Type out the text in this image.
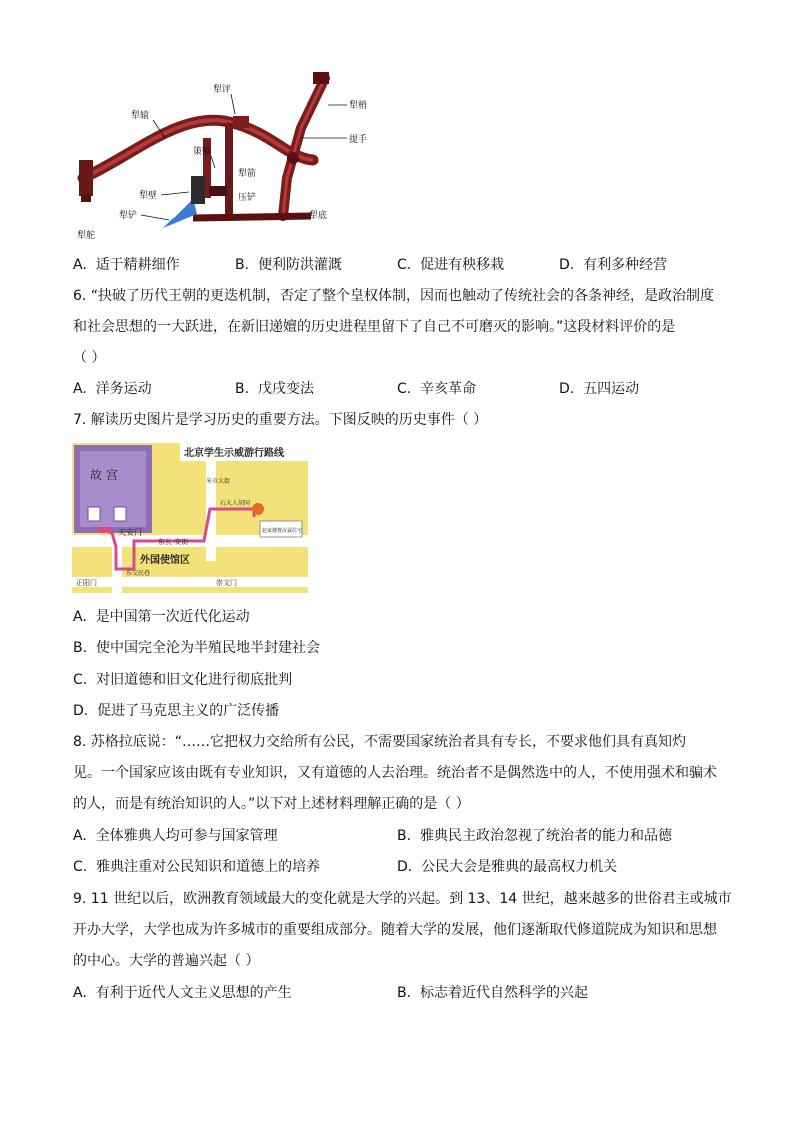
犁评
犁梢
犁辕
提手
策额
犁箭
犁壁	压铲
犁铲	犁底
犁舵
A. 适于精耕细作	B. 便利防洪灌溉	C. 促进有秧移栽	D. 有利多种经营
6. “抉破了历代王朝的更迭机制，否定了整个皇权体制，因而也触动了传统社会的各条神经，是政治制度
和社会思想的一大跃进，在新旧递嬗的历史进程里留下了自己不可磨灭的影响。”这段材料评价的是
（ ）
A. 洋务运动	B. 戊戌变法	C. 辛亥革命	D. 五四运动
7. 解读历史图片是学习历史的重要方法。下图反映的历史事件（ ）
故 宫
北京学生示威游行路线
天安门
东长 安街
外国使馆区
东交民巷
正阳门	崇文门
石大人胡同
米市大街
赵家楼曹汝霖住宅
A. 是中国第一次近代化运动
B. 使中国完全沦为半殖民地半封建社会
C. 对旧道德和旧文化进行彻底批判
D. 促进了马克思主义的广泛传播
8. 苏格拉底说：“……它把权力交给所有公民，不需要国家统治者具有专长，不要求他们具有真知灼
见。一个国家应该由既有专业知识，又有道德的人去治理。统治者不是偶然选中的人，不使用强术和骗术
的人，而是有统治知识的人。”以下对上述材料理解正确的是（ ）
A. 全体雅典人均可参与国家管理	B. 雅典民主政治忽视了统治者的能力和品德
C. 雅典注重对公民知识和道德上的培养	D. 公民大会是雅典的最高权力机关
9. 11 世纪以后，欧洲教育领域最大的变化就是大学的兴起。到 13、14 世纪，越来越多的世俗君主或城市
开办大学，大学也成为许多城市的重要组成部分。随着大学的发展，他们逐渐取代修道院成为知识和思想
的中心。大学的普遍兴起（ ）
A. 有利于近代人文主义思想的产生	B. 标志着近代自然科学的兴起
